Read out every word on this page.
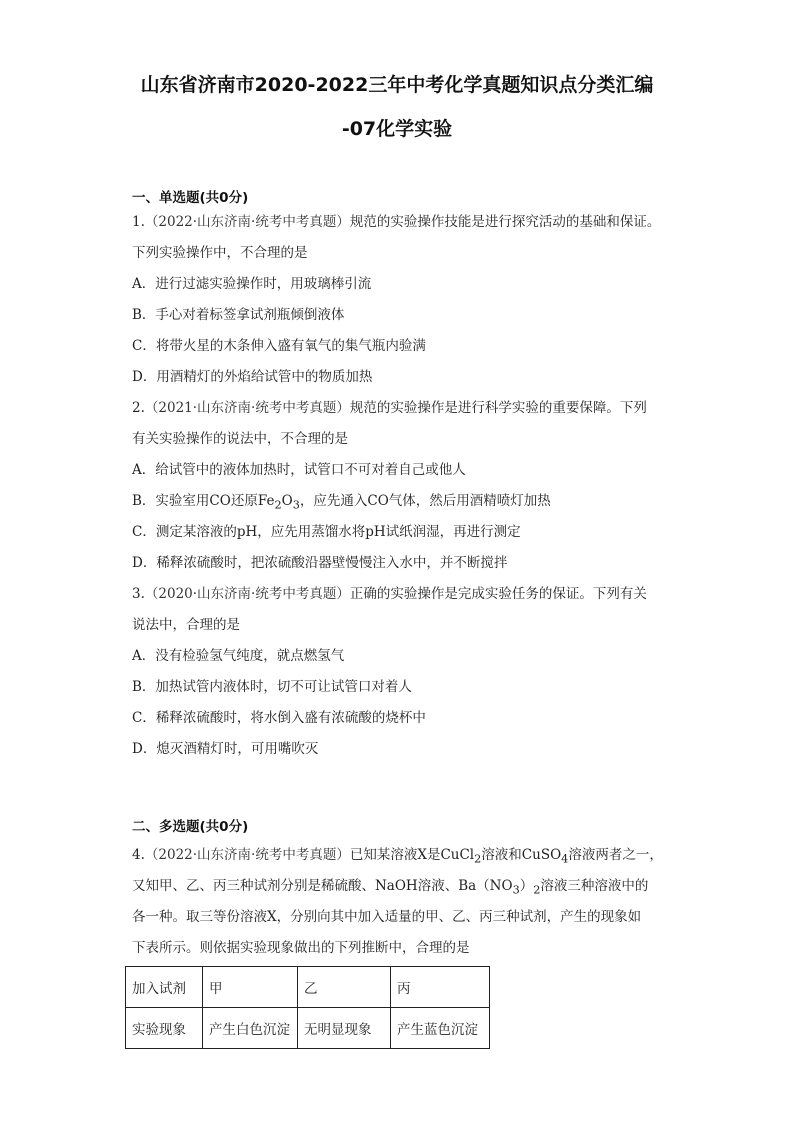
山东省济南市2020-2022三年中考化学真题知识点分类汇编
-07化学实验
一、单选题(共0分)
1.（2022·山东济南·统考中考真题）规范的实验操作技能是进行探究活动的基础和保证。
下列实验操作中，不合理的是
A．进行过滤实验操作时，用玻璃棒引流
B．手心对着标签拿试剂瓶倾倒液体
C．将带火星的木条伸入盛有氧气的集气瓶内验满
D．用酒精灯的外焰给试管中的物质加热
2.（2021·山东济南·统考中考真题）规范的实验操作是进行科学实验的重要保障。下列
有关实验操作的说法中，不合理的是
A．给试管中的液体加热时，试管口不可对着自己或他人
B．实验室用CO还原$Fe_2O_3$，应先通入CO气体，然后用酒精喷灯加热
C．测定某溶液的pH，应先用蒸馏水将pH试纸润湿，再进行测定
D．稀释浓硫酸时，把浓硫酸沿器壁慢慢注入水中，并不断搅拌
3.（2020·山东济南·统考中考真题）正确的实验操作是完成实验任务的保证。下列有关
说法中，合理的是
A．没有检验氢气纯度，就点燃氢气
B．加热试管内液体时，切不可让试管口对着人
C．稀释浓硫酸时，将水倒入盛有浓硫酸的烧杯中
D．熄灭酒精灯时，可用嘴吹灭
二、多选题(共0分)
4.（2022·山东济南·统考中考真题）已知某溶液X是CuCl$_2$溶液和CuSO$_4$溶液两者之一，
又知甲、乙、丙三种试剂分别是稀硫酸、NaOH溶液、$Ba(NO_3)_2$溶液三种溶液中的
各一种。取三等份溶液X，分别向其中加入适量的甲、乙、丙三种试剂，产生的现象如
下表所示。则依据实验现象做出的下列推断中，合理的是
加入试剂	甲	乙	丙
实验现象	产生白色沉淀	无明显现象	产生蓝色沉淀
